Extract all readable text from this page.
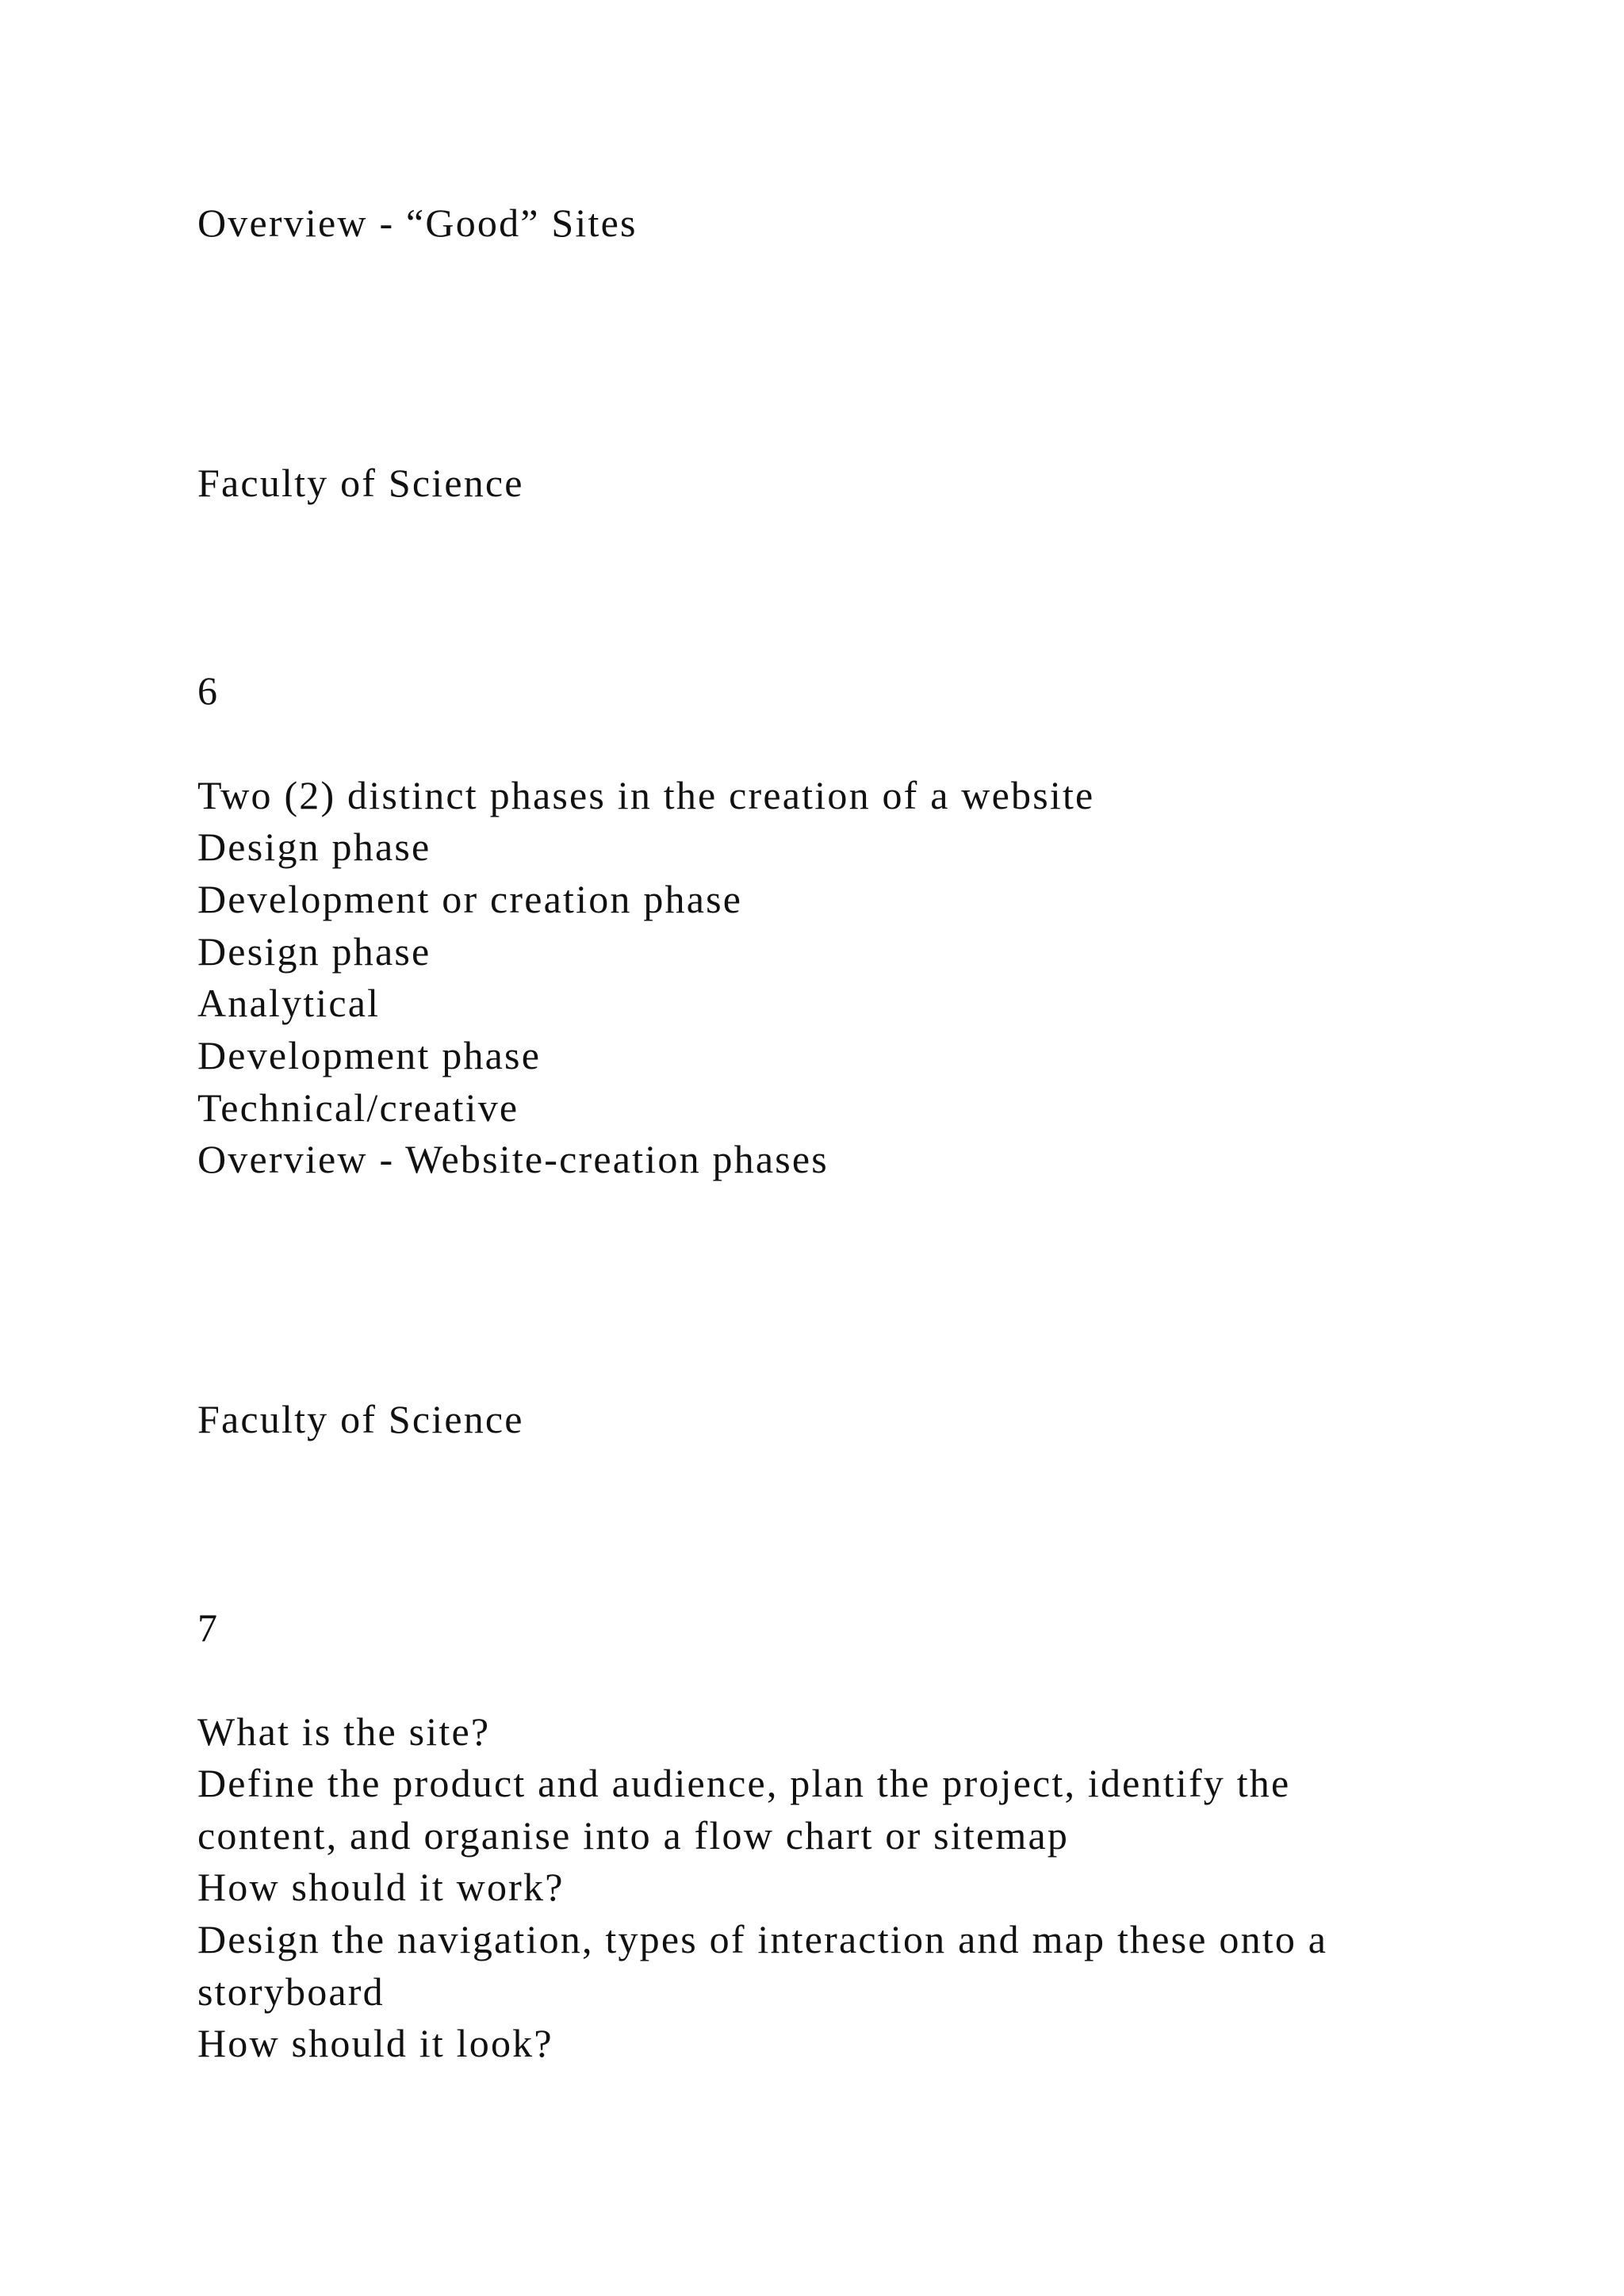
Overview - “Good” Sites
Faculty of Science
6
Two (2) distinct phases in the creation of a website
Design phase
Development or creation phase
Design phase
Analytical
Development phase
Technical/creative
Overview - Website-creation phases
Faculty of Science
7
What is the site?
Define the product and audience, plan the project, identify the
content, and organise into a flow chart or sitemap
How should it work?
Design the navigation, types of interaction and map these onto a
storyboard
How should it look?
